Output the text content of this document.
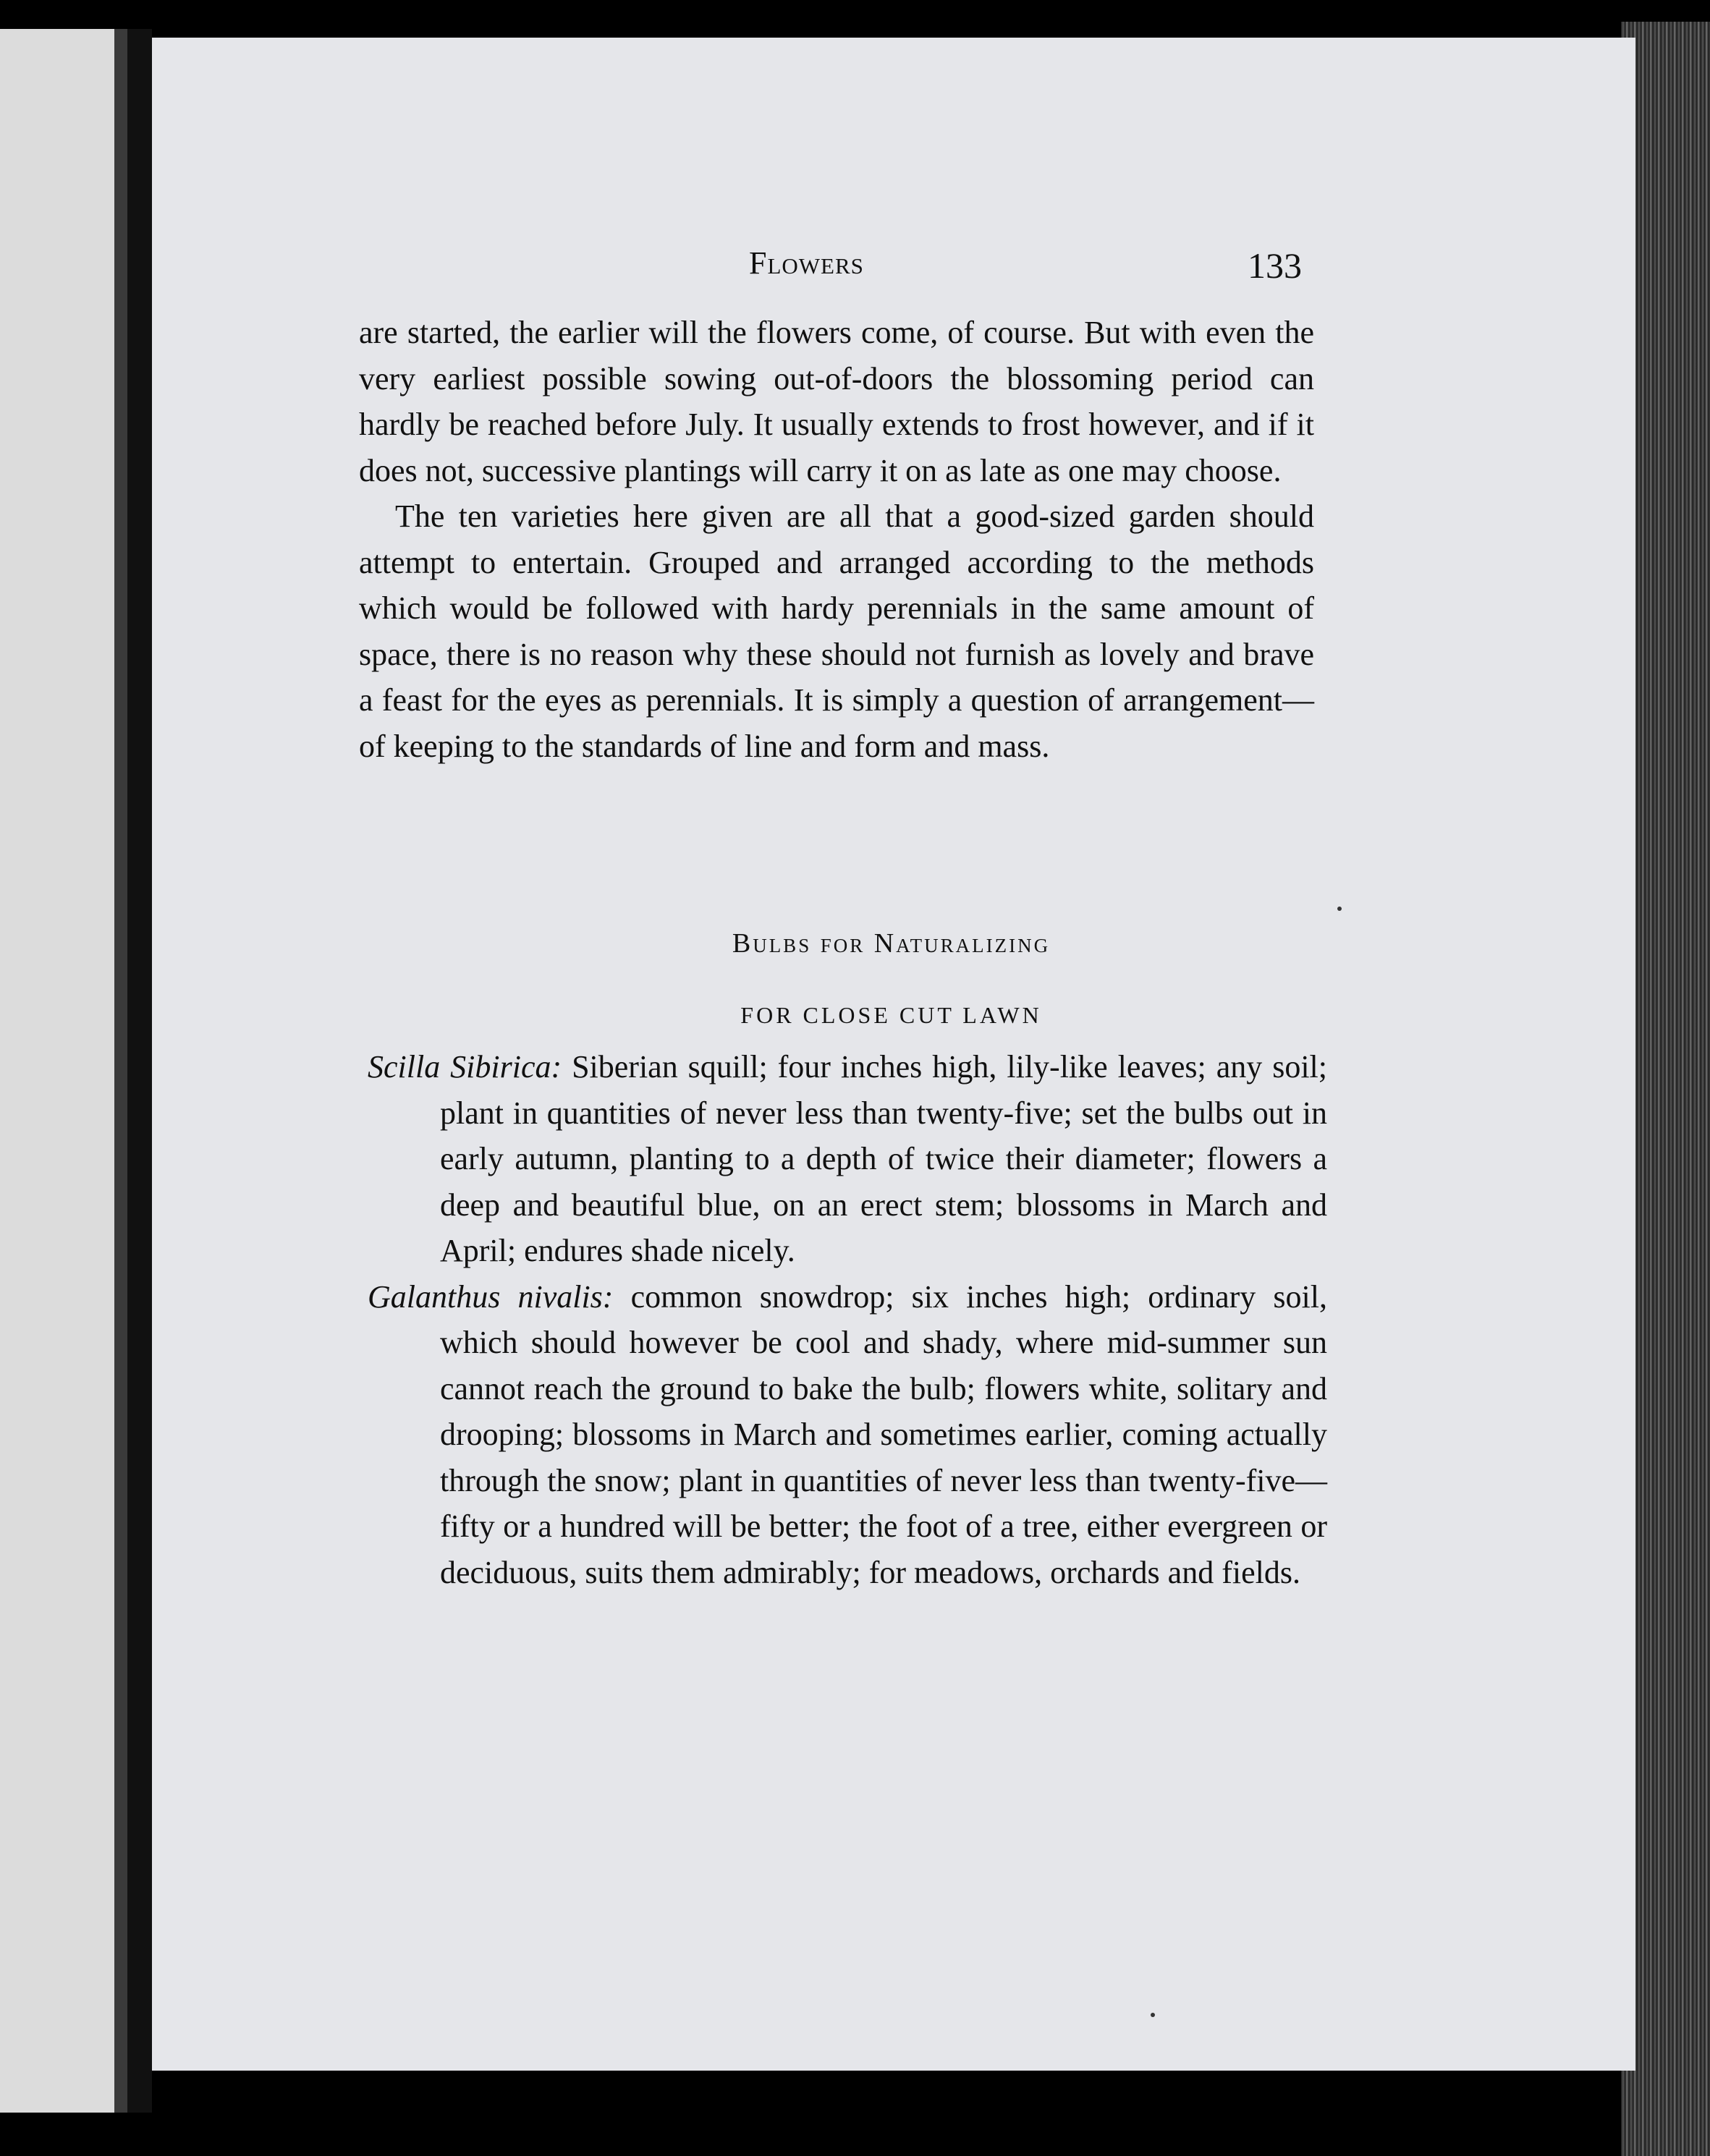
Flowers	133

are started, the earlier will the flowers come, of course. But with even the very earliest possible sowing out-of-doors the blossoming period can hardly be reached before July. It usually extends to frost however, and if it does not, successive plantings will carry it on as late as one may choose.

The ten varieties here given are all that a good-sized garden should attempt to entertain. Grouped and arranged according to the methods which would be followed with hardy perennials in the same amount of space, there is no reason why these should not furnish as lovely and brave a feast for the eyes as perennials. It is simply a question of arrangement—of keeping to the standards of line and form and mass.

Bulbs for Naturalizing
FOR CLOSE CUT LAWN

Scilla Sibirica: Siberian squill; four inches high, lily-like leaves; any soil; plant in quantities of never less than twenty-five; set the bulbs out in early autumn, planting to a depth of twice their diameter; flowers a deep and beautiful blue, on an erect stem; blossoms in March and April; endures shade nicely.

Galanthus nivalis: common snowdrop; six inches high; ordinary soil, which should however be cool and shady, where mid-summer sun cannot reach the ground to bake the bulb; flowers white, solitary and drooping; blossoms in March and sometimes earlier, coming actually through the snow; plant in quantities of never less than twenty-five—fifty or a hundred will be better; the foot of a tree, either evergreen or deciduous, suits them admirably; for meadows, orchards and fields.
